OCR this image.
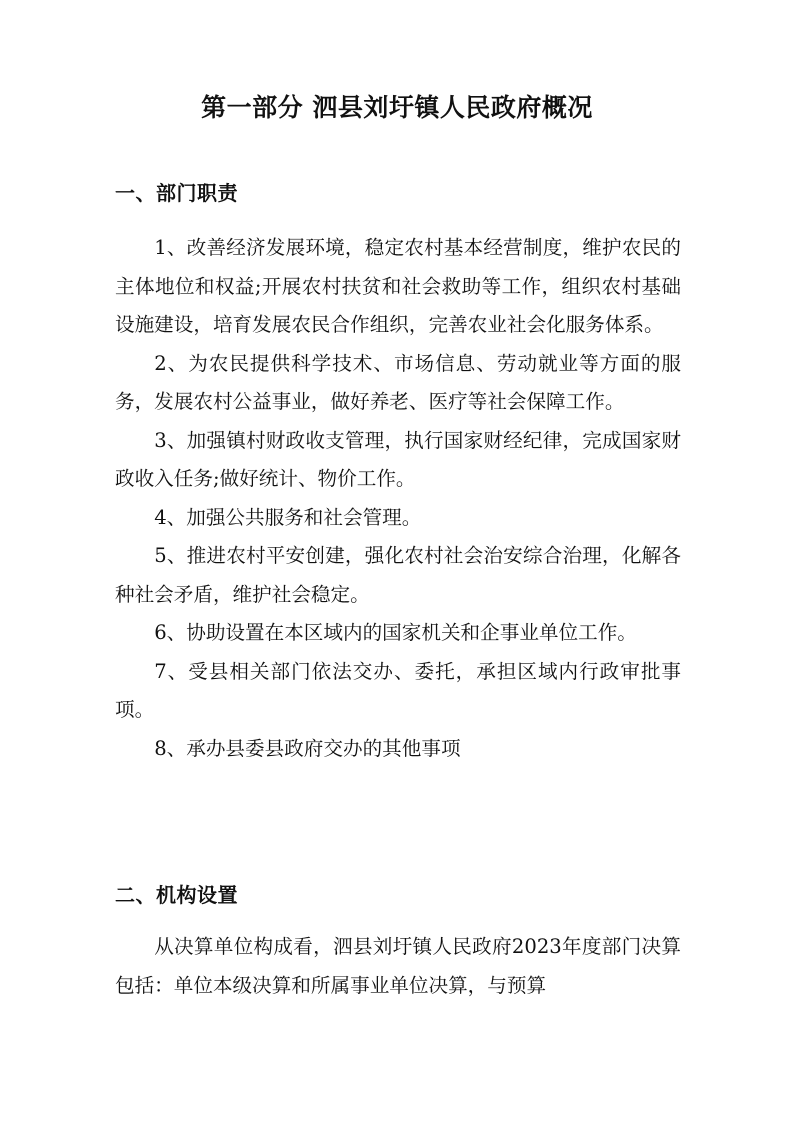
第一部分 泗县刘圩镇人民政府概况
一、部门职责

1、改善经济发展环境，稳定农村基本经营制度，维护农民的主体地位和权益;开展农村扶贫和社会救助等工作，组织农村基础设施建设，培育发展农民合作组织，完善农业社会化服务体系。

2、为农民提供科学技术、市场信息、劳动就业等方面的服务，发展农村公益事业，做好养老、医疗等社会保障工作。

3、加强镇村财政收支管理，执行国家财经纪律，完成国家财政收入任务;做好统计、物价工作。

4、加强公共服务和社会管理。

5、推进农村平安创建，强化农村社会治安综合治理，化解各种社会矛盾，维护社会稳定。

6、协助设置在本区域内的国家机关和企事业单位工作。

7、受县相关部门依法交办、委托，承担区域内行政审批事项。

8、承办县委县政府交办的其他事项

二、机构设置

从决算单位构成看，泗县刘圩镇人民政府2023年度部门决算包括：单位本级决算和所属事业单位决算，与预算
